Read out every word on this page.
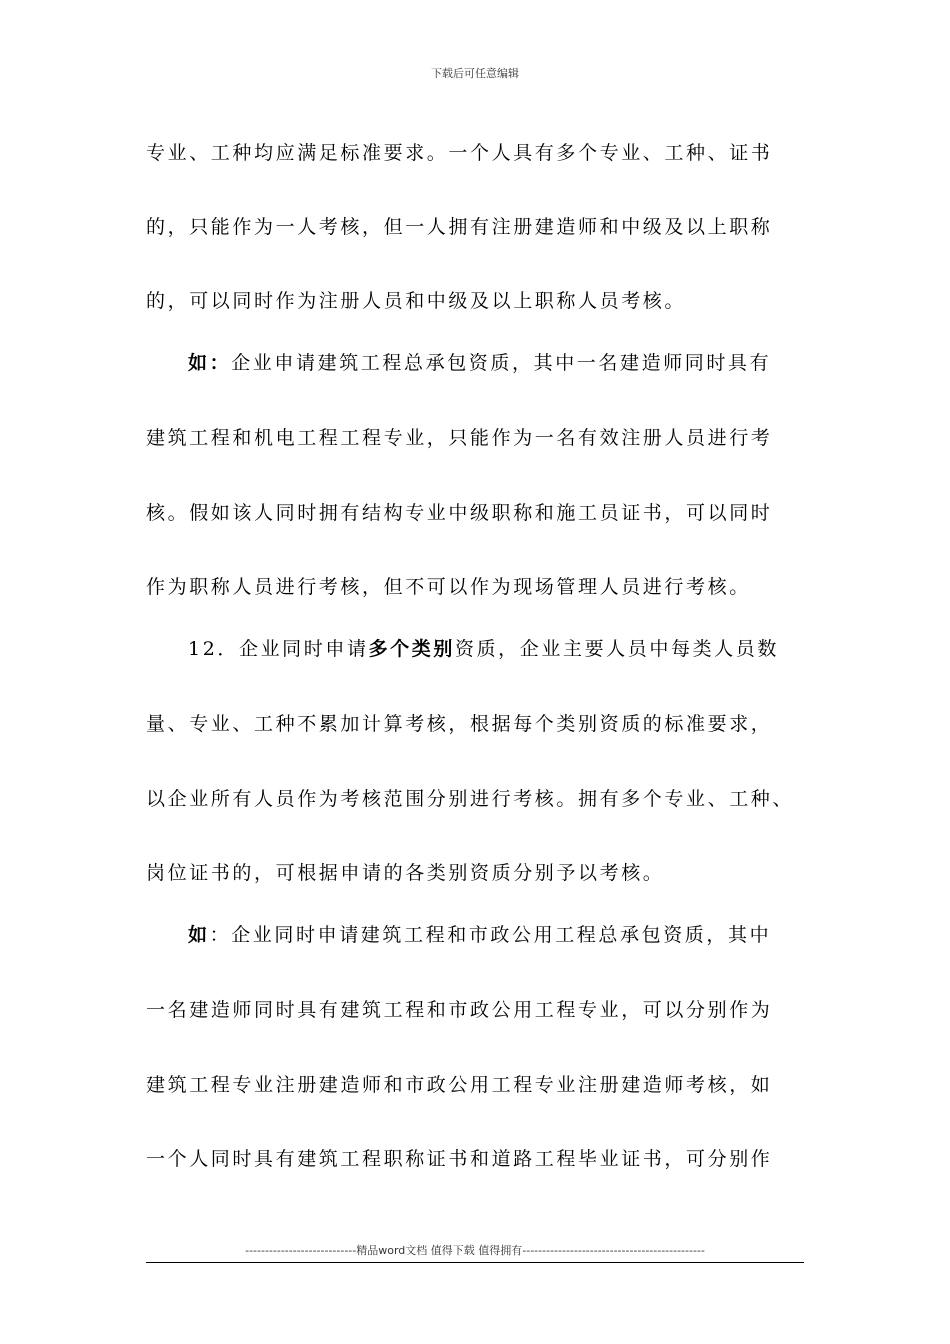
下载后可任意编辑
专业、工种均应满足标准要求。一个人具有多个专业、工种、证书
的，只能作为一人考核，但一人拥有注册建造师和中级及以上职称
的，可以同时作为注册人员和中级及以上职称人员考核。
如：企业申请建筑工程总承包资质，其中一名建造师同时具有
建筑工程和机电工程工程专业，只能作为一名有效注册人员进行考
核。假如该人同时拥有结构专业中级职称和施工员证书，可以同时
作为职称人员进行考核，但不可以作为现场管理人员进行考核。
12．企业同时申请多个类别资质，企业主要人员中每类人员数
量、专业、工种不累加计算考核，根据每个类别资质的标准要求，
以企业所有人员作为考核范围分别进行考核。拥有多个专业、工种、
岗位证书的，可根据申请的各类别资质分别予以考核。
如：企业同时申请建筑工程和市政公用工程总承包资质，其中
一名建造师同时具有建筑工程和市政公用工程专业，可以分别作为
建筑工程专业注册建造师和市政公用工程专业注册建造师考核，如
一个人同时具有建筑工程职称证书和道路工程毕业证书，可分别作
----------------------------精品word文档 值得下载 值得拥有----------------------------------------------
